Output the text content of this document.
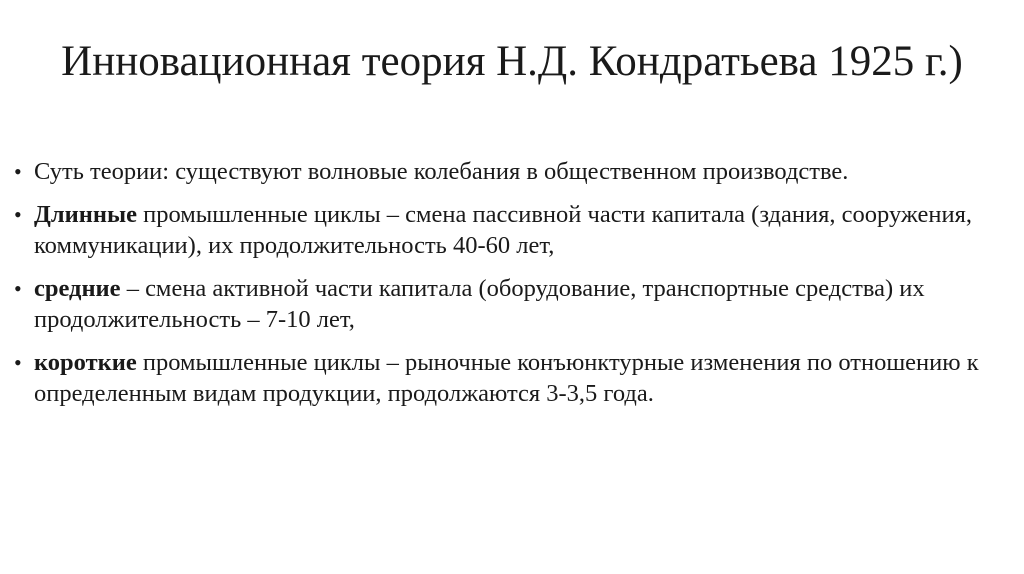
Инновационная теория Н.Д. Кондратьева 1925 г.)
• Суть теории: существуют волновые колебания в общественном производстве.
• Длинные промышленные циклы – смена пассивной части капитала (здания, сооружения, коммуникации), их продолжительность 40-60 лет,
• средние – смена активной части капитала (оборудование, транспортные средства) их продолжительность – 7-10 лет,
• короткие промышленные циклы – рыночные конъюнктурные изменения по отношению к определенным видам продукции, продолжаются 3-3,5 года.
